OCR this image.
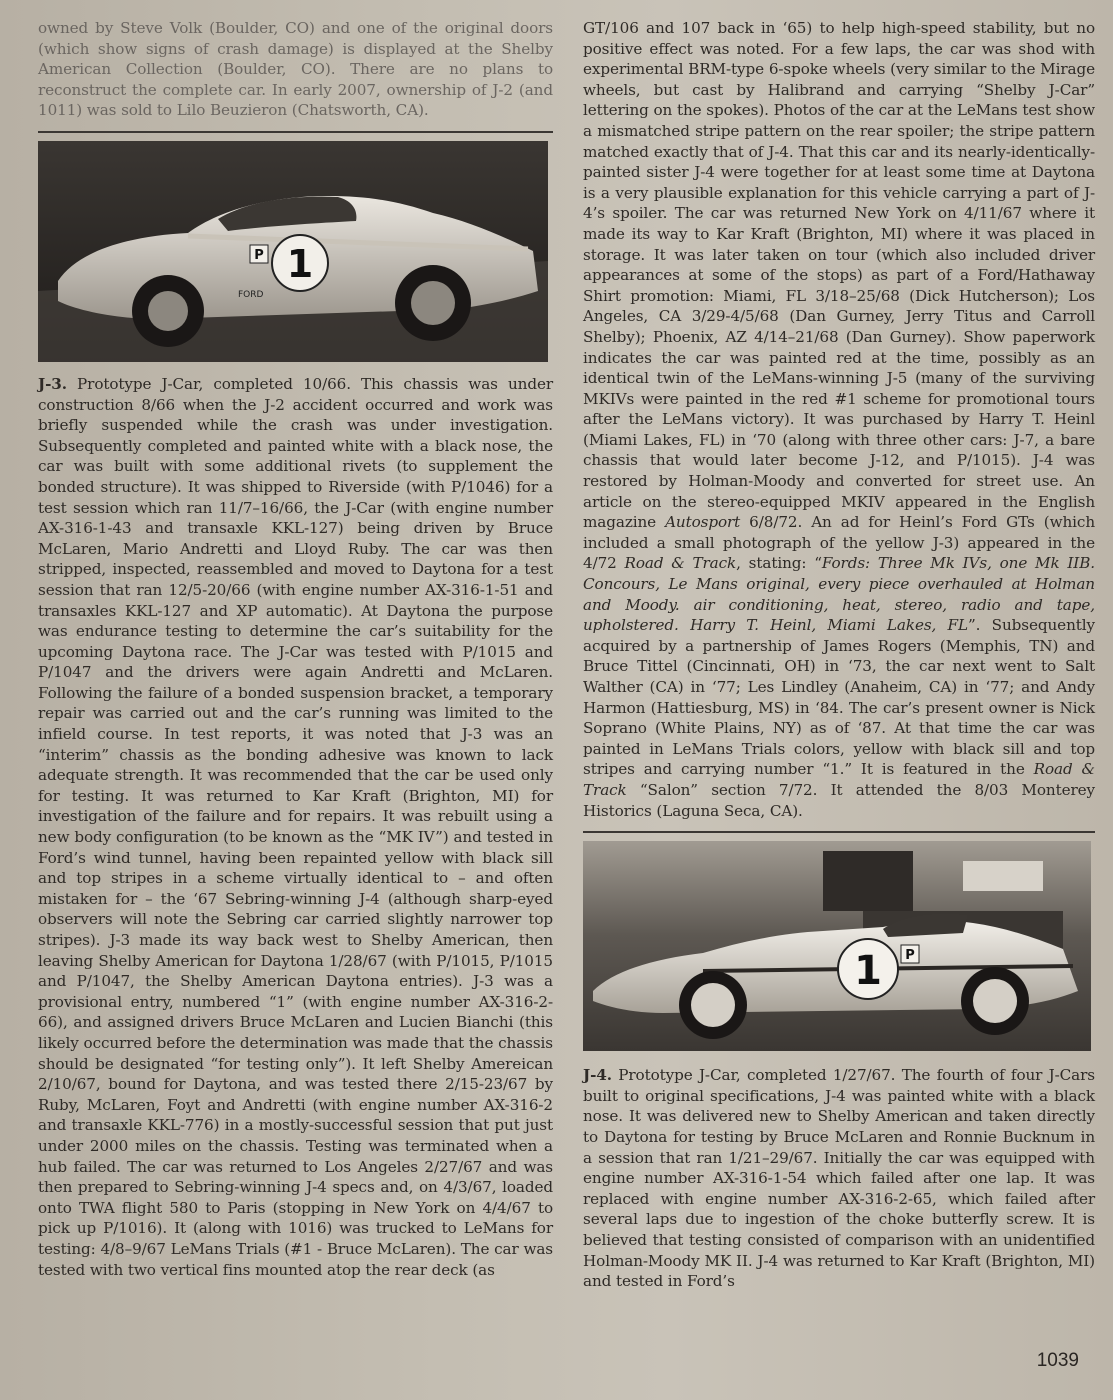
owned by Steve Volk (Boulder, CO) and one of the original doors (which show signs of crash damage) is displayed at the Shelby American Collection (Boulder, CO). There are no plans to reconstruct the complete car. In early 2007, ownership of J-2 (and 1011) was sold to Lilo Beuzieron (Chatsworth, CA).

1
P
FORD

J-3. Prototype J-Car, completed 10/66. This chassis was under construction 8/66 when the J-2 accident occurred and work was briefly suspended while the crash was under investigation. Subsequently completed and painted white with a black nose, the car was built with some additional rivets (to supplement the bonded structure). It was shipped to Riverside (with P/1046) for a test session which ran 11/7–16/66, the J-Car (with engine number AX-316-1-43 and transaxle KKL-127) being driven by Bruce McLaren, Mario Andretti and Lloyd Ruby. The car was then stripped, inspected, reassembled and moved to Daytona for a test session that ran 12/5-20/66 (with engine number AX-316-1-51 and transaxles KKL-127 and XP automatic). At Daytona the purpose was endurance testing to determine the car’s suitability for the upcoming Daytona race. The J-Car was tested with P/1015 and P/1047 and the drivers were again Andretti and McLaren. Following the failure of a bonded suspension bracket, a temporary repair was carried out and the car’s running was limited to the infield course. In test reports, it was noted that J-3 was an “interim” chassis as the bonding adhesive was known to lack adequate strength. It was recommended that the car be used only for testing. It was returned to Kar Kraft (Brighton, MI) for investigation of the failure and for repairs. It was rebuilt using a new body configuration (to be known as the “MK IV”) and tested in Ford’s wind tunnel, having been repainted yellow with black sill and top stripes in a scheme virtually identical to – and often mistaken for – the ‘67 Sebring-winning J-4 (although sharp-eyed observers will note the Sebring car carried slightly narrower top stripes). J-3 made its way back west to Shelby American, then leaving Shelby American for Daytona 1/28/67 (with P/1015, P/1015 and P/1047, the Shelby American Daytona entries). J-3 was a provisional entry, numbered “1” (with engine number AX-316-2-66), and assigned drivers Bruce McLaren and Lucien Bianchi (this likely occurred before the determination was made that the chassis should be designated “for testing only”). It left Shelby Amereican 2/10/67, bound for Daytona, and was tested there 2/15-23/67 by Ruby, McLaren, Foyt and Andretti (with engine number AX-316-2 and transaxle KKL-776) in a mostly-successful session that put just under 2000 miles on the chassis. Testing was terminated when a hub failed. The car was returned to Los Angeles 2/27/67 and was then prepared to Sebring-winning J-4 specs and, on 4/3/67, loaded onto TWA flight 580 to Paris (stopping in New York on 4/4/67 to pick up P/1016). It (along with 1016) was trucked to LeMans for testing: 4/8–9/67 LeMans Trials (#1 - Bruce McLaren). The car was tested with two vertical fins mounted atop the rear deck (as

GT/106 and 107 back in ‘65) to help high-speed stability, but no positive effect was noted. For a few laps, the car was shod with experimental BRM-type 6-spoke wheels (very similar to the Mirage wheels, but cast by Halibrand and carrying “Shelby J-Car” lettering on the spokes). Photos of the car at the LeMans test show a mismatched stripe pattern on the rear spoiler; the stripe pattern matched exactly that of J-4. That this car and its nearly-identically-painted sister J-4 were together for at least some time at Daytona is a very plausible explanation for this vehicle carrying a part of J-4’s spoiler. The car was returned New York on 4/11/67 where it made its way to Kar Kraft (Brighton, MI) where it was placed in storage. It was later taken on tour (which also included driver appearances at some of the stops) as part of a Ford/Hathaway Shirt promotion: Miami, FL 3/18–25/68 (Dick Hutcherson); Los Angeles, CA 3/29-4/5/68 (Dan Gurney, Jerry Titus and Carroll Shelby); Phoenix, AZ 4/14–21/68 (Dan Gurney). Show paperwork indicates the car was painted red at the time, possibly as an identical twin of the LeMans-winning J-5 (many of the surviving MKIVs were painted in the red #1 scheme for promotional tours after the LeMans victory). It was purchased by Harry T. Heinl (Miami Lakes, FL) in ‘70 (along with three other cars: J-7, a bare chassis that would later become J-12, and P/1015). J-4 was restored by Holman-Moody and converted for street use. An article on the stereo-equipped MKIV appeared in the English magazine Autosport 6/8/72. An ad for Heinl’s Ford GTs (which included a small photograph of the yellow J-3) appeared in the 4/72 Road & Track, stating: “Fords: Three Mk IVs, one Mk IIB. Concours, Le Mans original, every piece overhauled at Holman and Moody. air conditioning, heat, stereo, radio and tape, upholstered. Harry T. Heinl, Miami Lakes, FL”. Subsequently acquired by a partnership of James Rogers (Memphis, TN) and Bruce Tittel (Cincinnati, OH) in ‘73, the car next went to Salt Walther (CA) in ‘77; Les Lindley (Anaheim, CA) in ‘77; and Andy Harmon (Hattiesburg, MS) in ‘84. The car’s present owner is Nick Soprano (White Plains, NY) as of ‘87. At that time the car was painted in LeMans Trials colors, yellow with black sill and top stripes and carrying number “1.” It is featured in the Road & Track “Salon” section 7/72. It attended the 8/03 Monterey Historics (Laguna Seca, CA).

1 P

J-4. Prototype J-Car, completed 1/27/67. The fourth of four J-Cars built to original specifications, J-4 was painted white with a black nose. It was delivered new to Shelby American and taken directly to Daytona for testing by Bruce McLaren and Ronnie Bucknum in a session that ran 1/21–29/67. Initially the car was equipped with engine number AX-316-1-54 which failed after one lap. It was replaced with engine number AX-316-2-65, which failed after several laps due to ingestion of the choke butterfly screw. It is believed that testing consisted of comparison with an unidentified Holman-Moody MK II. J-4 was returned to Kar Kraft (Brighton, MI) and tested in Ford’s

1039
